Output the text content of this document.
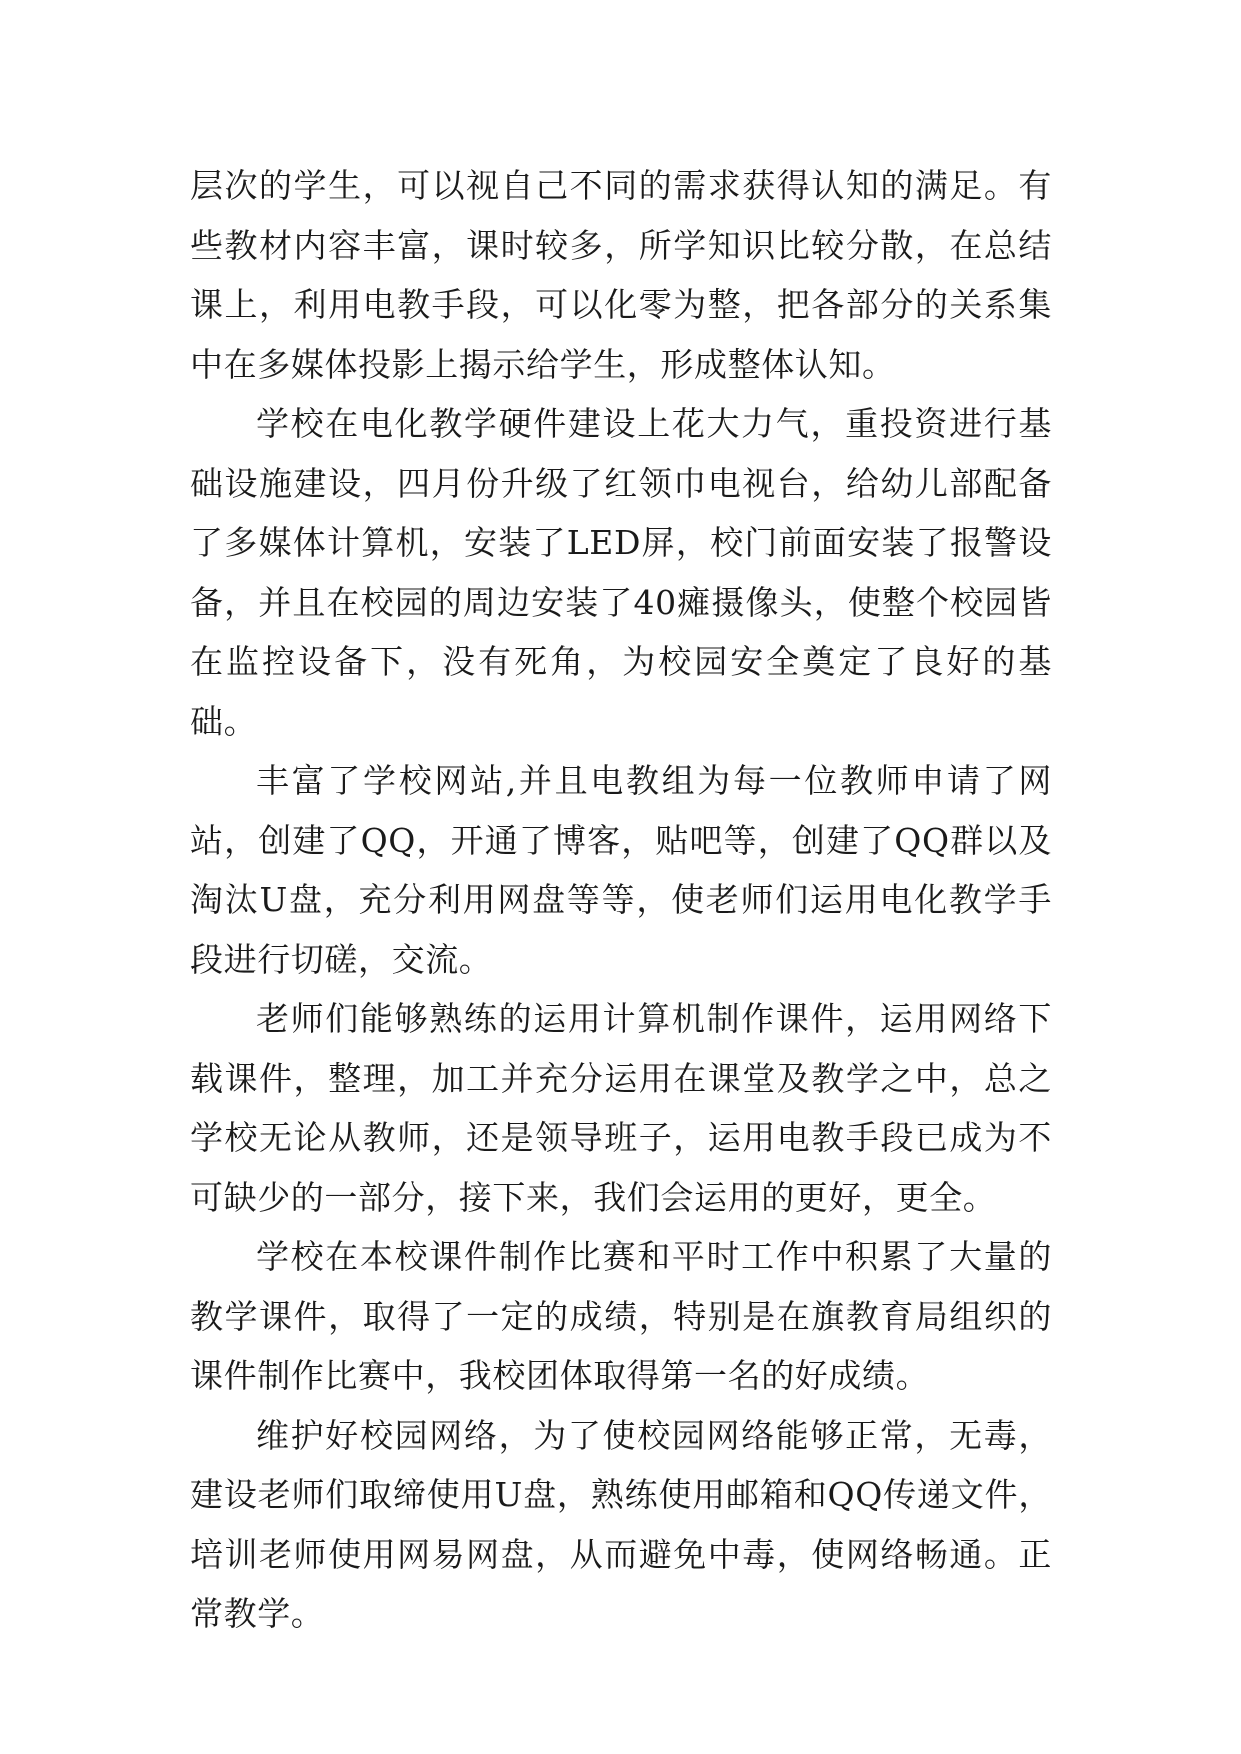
层次的学生，可以视自己不同的需求获得认知的满足。有些教材内容丰富，课时较多，所学知识比较分散，在总结课上，利用电教手段，可以化零为整，把各部分的关系集中在多媒体投影上揭示给学生，形成整体认知。

学校在电化教学硬件建设上花大力气，重投资进行基础设施建设，四月份升级了红领巾电视台，给幼儿部配备了多媒体计算机，安装了LED屏，校门前面安装了报警设备，并且在校园的周边安装了40瘫摄像头，使整个校园皆在监控设备下，没有死角，为校园安全奠定了良好的基础。

丰富了学校网站,并且电教组为每一位教师申请了网站，创建了QQ，开通了博客，贴吧等，创建了QQ群以及淘汰U盘，充分利用网盘等等，使老师们运用电化教学手段进行切磋，交流。

老师们能够熟练的运用计算机制作课件，运用网络下载课件，整理，加工并充分运用在课堂及教学之中，总之学校无论从教师，还是领导班子，运用电教手段已成为不可缺少的一部分，接下来，我们会运用的更好，更全。

学校在本校课件制作比赛和平时工作中积累了大量的教学课件，取得了一定的成绩，特别是在旗教育局组织的课件制作比赛中，我校团体取得第一名的好成绩。

维护好校园网络，为了使校园网络能够正常，无毒，建设老师们取缔使用U盘，熟练使用邮箱和QQ传递文件，培训老师使用网易网盘，从而避免中毒，使网络畅通。正常教学。
